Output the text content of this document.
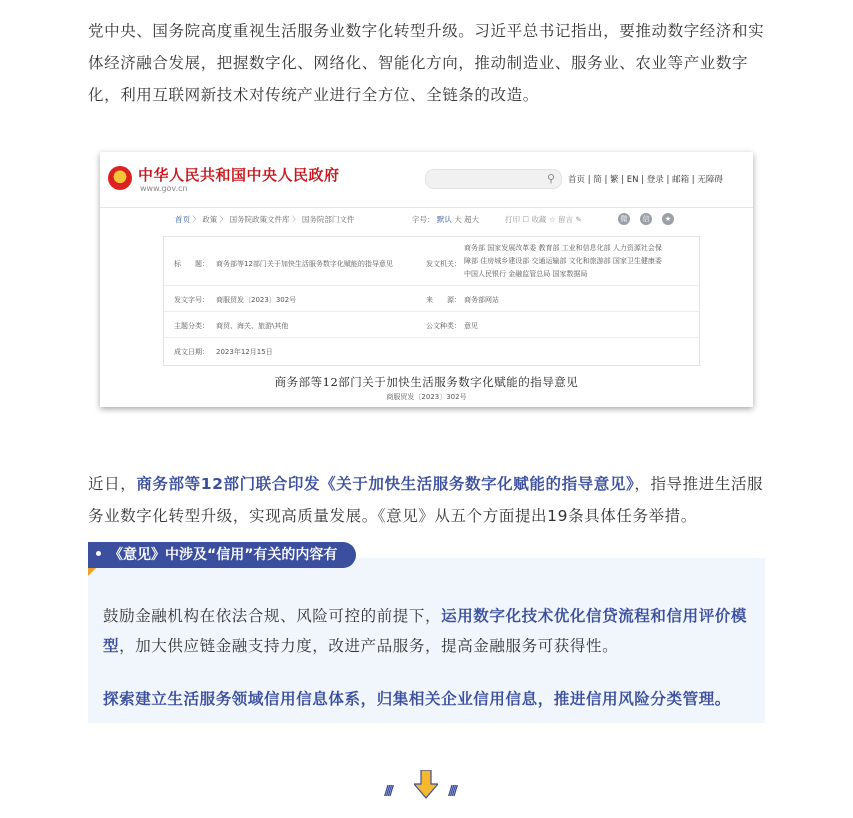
党中央、国务院高度重视生活服务业数字化转型升级。习近平总书记指出，要推动数字经济和实体经济融合发展，把握数字化、网络化、智能化方向，推动制造业、服务业、农业等产业数字化，利用互联网新技术对传统产业进行全方位、全链条的改造。
中华人民共和国中央人民政府
www.gov.cn
⚲ 首页 | 简 | 繁 | EN | 登录 | 邮箱 | 无障碍
首页 〉 政策 〉 国务院政策文件库 〉 国务院部门文件	字号： 默认 大 超大	打印 ☐ 收藏 ☆ 留言 ✎	微	信	★
标　　题： 商务部等12部门关于加快生活服务数字化赋能的指导意见	发文机关：
商务部 国家发展改革委 教育部 工业和信息化部 人力资源社会保
障部 住房城乡建设部 交通运输部 文化和旅游部 国家卫生健康委
中国人民银行 金融监管总局 国家数据局
发文字号： 商服贸发〔2023〕302号	来　　源： 商务部网站
主题分类： 商贸、海关、旅游\其他	公文种类： 意见
成文日期： 2023年12月15日
商务部等12部门关于加快生活服务数字化赋能的指导意见
商服贸发〔2023〕302号
近日，商务部等12部门联合印发《关于加快生活服务数字化赋能的指导意见》，指导推进生活服务业数字化转型升级，实现高质量发展。《意见》从五个方面提出19条具体任务举措。
《意见》中涉及“信用”有关的内容有
鼓励金融机构在依法合规、风险可控的前提下，运用数字化技术优化信贷流程和信用评价模型，加大供应链金融支持力度，改进产品服务，提高金融服务可获得性。
探索建立生活服务领域信用信息体系，归集相关企业信用信息，推进信用风险分类管理。
////	////
